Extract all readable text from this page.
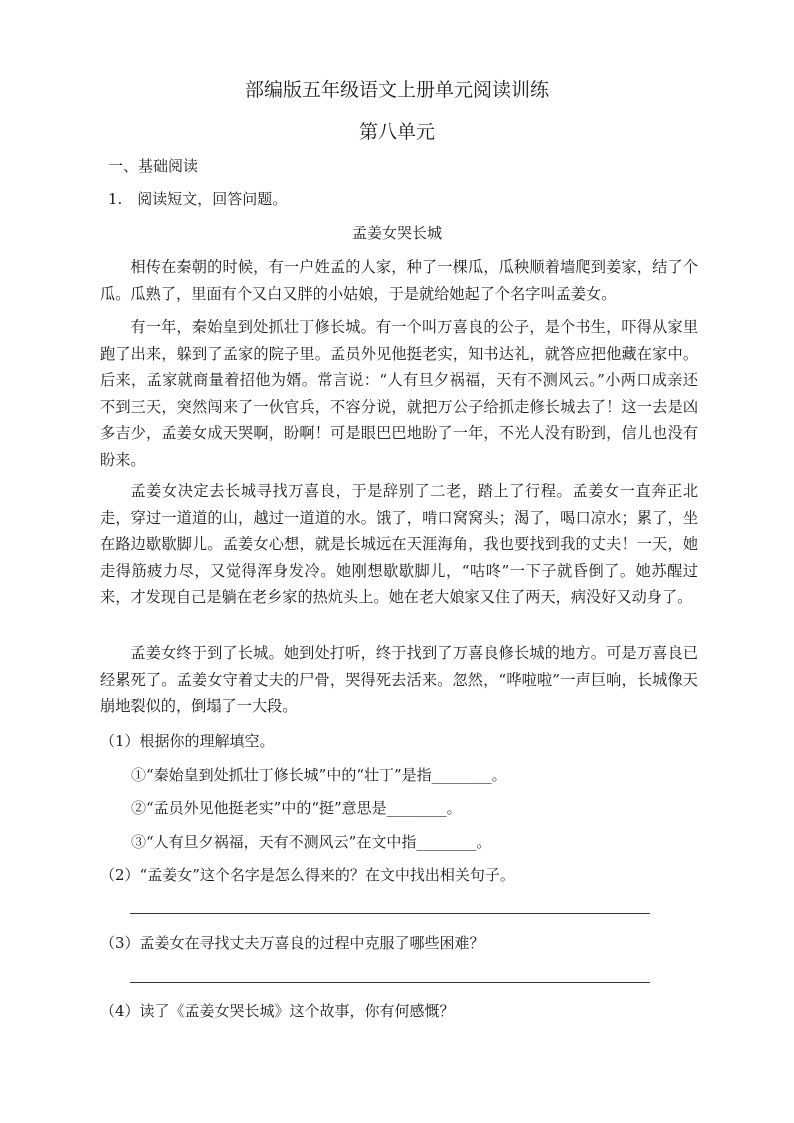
部编版五年级语文上册单元阅读训练
第八单元
一、基础阅读
1.　阅读短文，回答问题。
孟姜女哭长城
相传在秦朝的时候，有一户姓孟的人家，种了一棵瓜，瓜秧顺着墙爬到姜家，结了个瓜。瓜熟了，里面有个又白又胖的小姑娘，于是就给她起了个名字叫孟姜女。
有一年，秦始皇到处抓壮丁修长城。有一个叫万喜良的公子，是个书生，吓得从家里跑了出来，躲到了孟家的院子里。孟员外见他挺老实，知书达礼，就答应把他藏在家中。后来，孟家就商量着招他为婿。常言说：“人有旦夕祸福，天有不测风云。”小两口成亲还不到三天，突然闯来了一伙官兵，不容分说，就把万公子给抓走修长城去了！这一去是凶多吉少，孟姜女成天哭啊，盼啊！可是眼巴巴地盼了一年，不光人没有盼到，信儿也没有盼来。
孟姜女决定去长城寻找万喜良，于是辞别了二老，踏上了行程。孟姜女一直奔正北走，穿过一道道的山，越过一道道的水。饿了，啃口窝窝头；渴了，喝口凉水；累了，坐在路边歇歇脚儿。孟姜女心想，就是长城远在天涯海角，我也要找到我的丈夫！一天，她走得筋疲力尽，又觉得浑身发冷。她刚想歇歇脚儿，“咕咚”一下子就昏倒了。她苏醒过来，才发现自己是躺在老乡家的热炕头上。她在老大娘家又住了两天，病没好又动身了。
孟姜女终于到了长城。她到处打听，终于找到了万喜良修长城的地方。可是万喜良已经累死了。孟姜女守着丈夫的尸骨，哭得死去活来。忽然，“哗啦啦”一声巨响，长城像天崩地裂似的，倒塌了一大段。
（1）根据你的理解填空。
①“秦始皇到处抓壮丁修长城”中的“壮丁”是指________。
②“孟员外见他挺老实”中的“挺”意思是________。
③“人有旦夕祸福，天有不测风云”在文中指________。
（2）“孟姜女”这个名字是怎么得来的？在文中找出相关句子。
（3）孟姜女在寻找丈夫万喜良的过程中克服了哪些困难？
（4）读了《孟姜女哭长城》这个故事，你有何感慨？
